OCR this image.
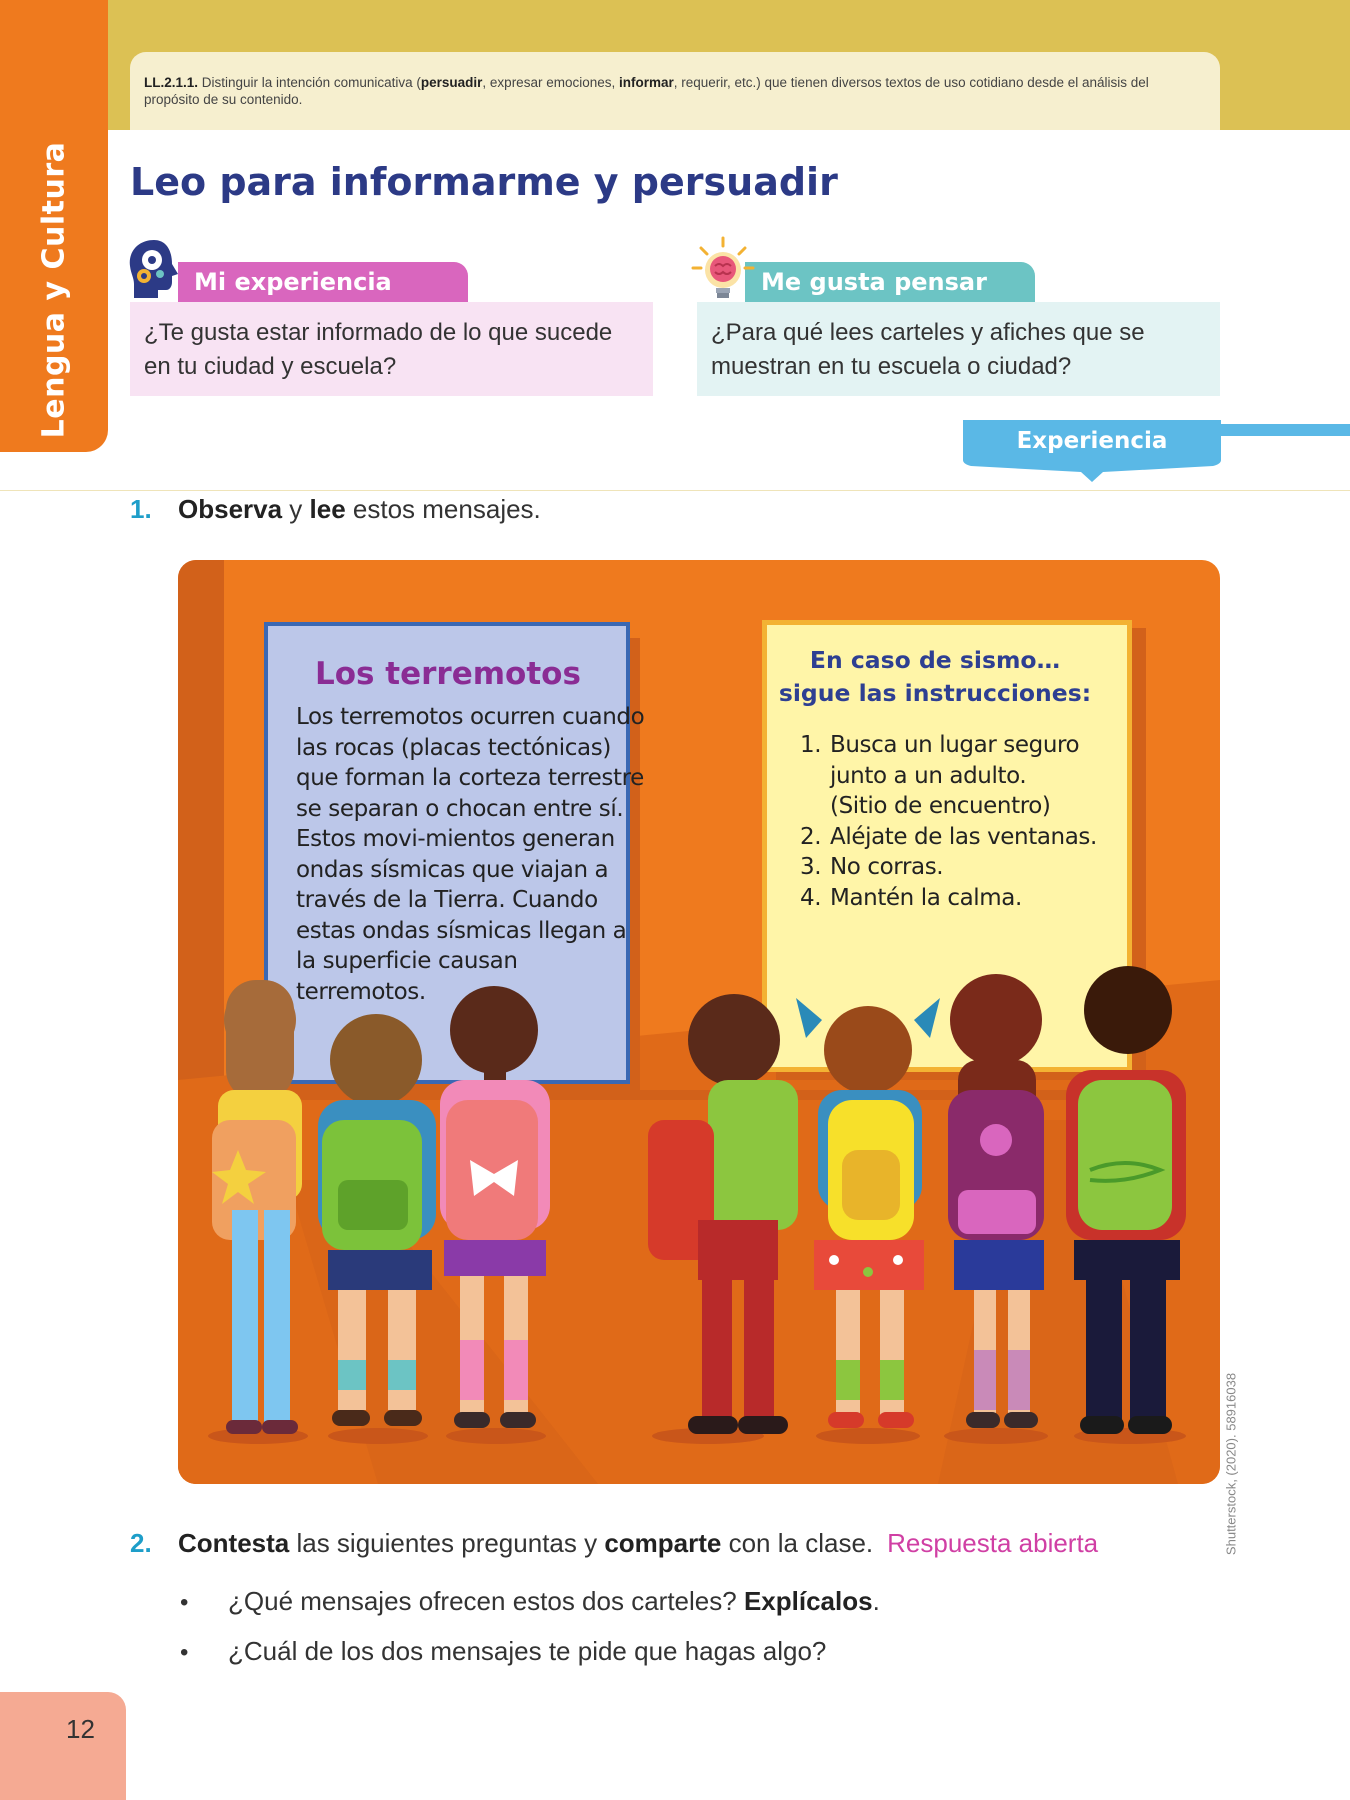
Lengua y Cultura
LL.2.1.1. Distinguir la intención comunicativa (persuadir, expresar emociones, informar, requerir, etc.) que tienen diversos textos de uso cotidiano desde el análisis del propósito de su contenido.
Leo para informarme y persuadir
Mi experiencia
¿Te gusta estar informado de lo que sucede en tu ciudad y escuela?
Me gusta pensar
¿Para qué lees carteles y afiches que se muestran en tu escuela o ciudad?
Experiencia
1. Observa y lee estos mensajes.
Los terremotos
Los terremotos ocurren cuando las rocas (placas tectónicas) que forman la corteza terrestre se separan o chocan entre sí. Estos movi-mientos generan ondas sísmicas que viajan a través de la Tierra. Cuando estas ondas sísmicas llegan a la superficie causan terremotos.
En caso de sismo…
sigue las instrucciones:
1. Busca un lugar seguro
junto a un adulto.
(Sitio de encuentro)
2. Aléjate de las ventanas.
3. No corras.
4. Mantén la calma.
Shutterstock, (2020). 58916038
2. Contesta las siguientes preguntas y comparte con la clase. Respuesta abierta
• ¿Qué mensajes ofrecen estos dos carteles? Explícalos.
• ¿Cuál de los dos mensajes te pide que hagas algo?
12
